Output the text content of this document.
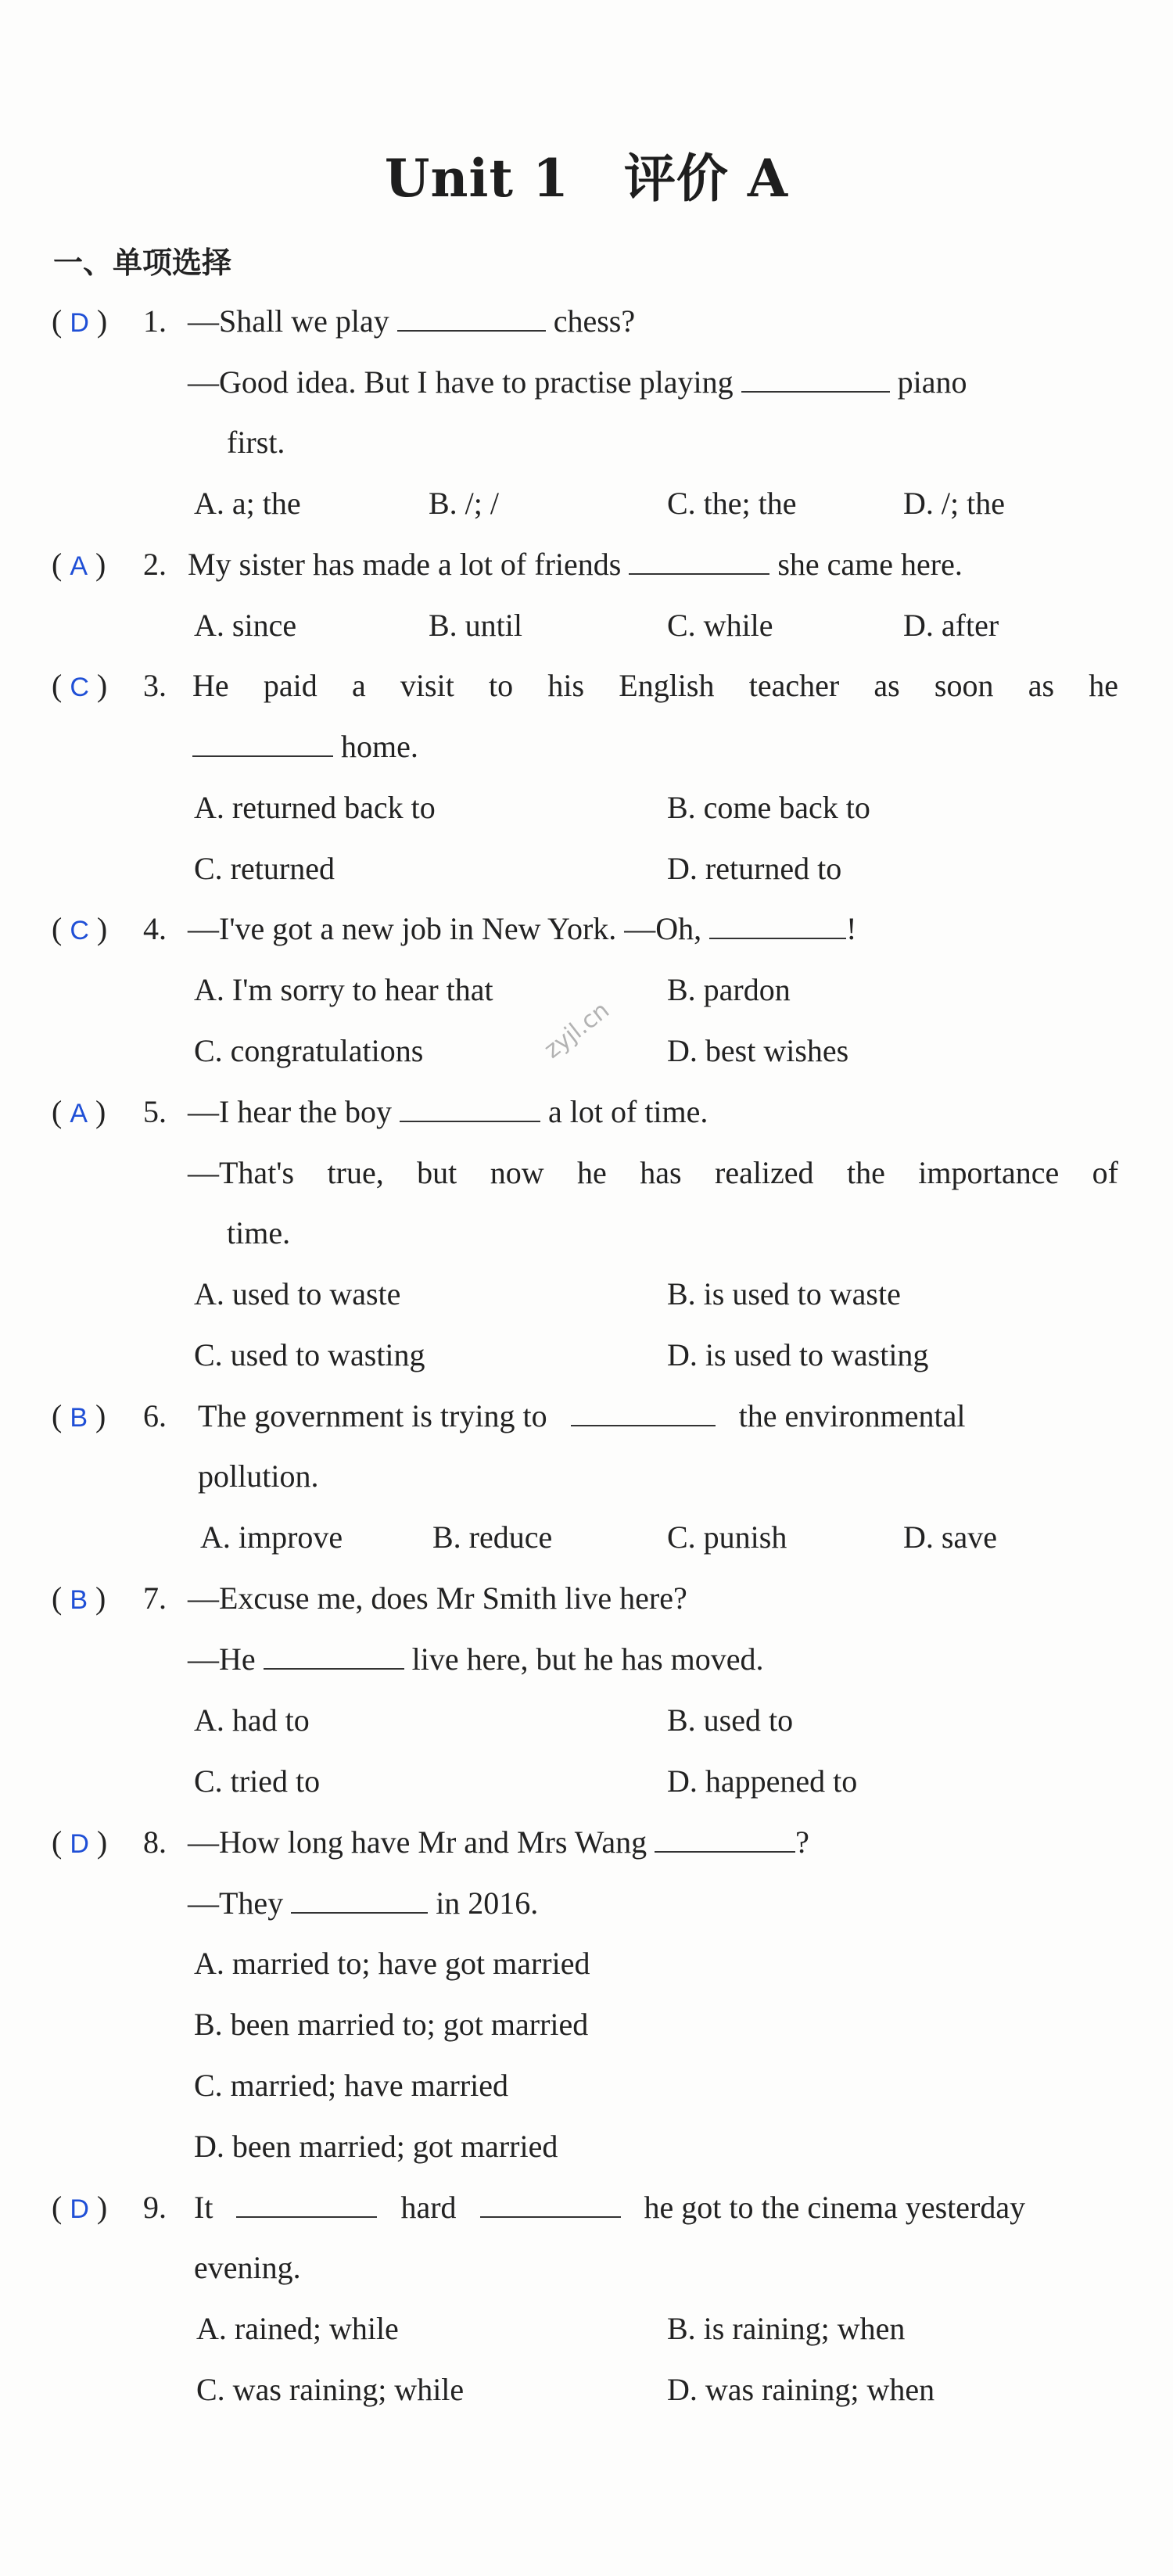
Unit 1 评价 A
一、单项选择
( D ) 1. —Shall we play	chess?
—Good idea. But I have to practise playing	piano
first.
A. a; the	B. /; /	C. the; the	D. /; the
( A ) 2. My sister has made a lot of friends	she came here.
A. since	B. until	C. while	D. after
( C ) 3. He paid a visit to his English teacher as soon as he
home.
A. returned back to	B. come back to
C. returned	D. returned to
( C ) 4. —I've got a new job in New York. —Oh,	!
A. I'm sorry to hear that	B. pardon
C. congratulations	D. best wishes
zyjl.cn
( A ) 5. —I hear the boy	a lot of time.
—That's true, but now he has realized the importance of
time.
A. used to waste	B. is used to waste
C. used to wasting	D. is used to wasting
( B ) 6. The government is trying to	the environmental
pollution.
A. improve	B. reduce	C. punish	D. save
( B ) 7. —Excuse me, does Mr Smith live here?
—He	live here, but he has moved.
A. had to	B. used to
C. tried to	D. happened to
( D ) 8. —How long have Mr and Mrs Wang	?
—They	in 2016.
A. married to; have got married
B. been married to; got married
C. married; have married
D. been married; got married
( D ) 9. It	hard	he got to the cinema yesterday
evening.
A. rained; while	B. is raining; when
C. was raining; while	D. was raining; when
